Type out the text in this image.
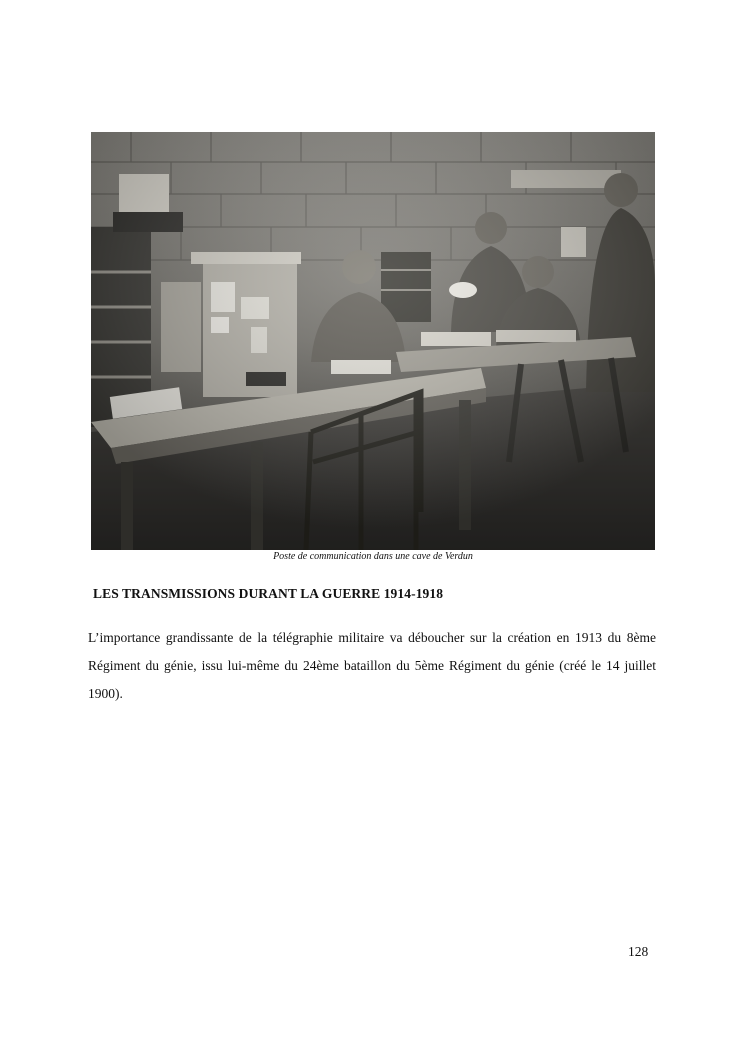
Poste de communication dans une cave de Verdun
LES TRANSMISSIONS DURANT LA GUERRE 1914-1918

L’importance grandissante de la télégraphie militaire va déboucher sur la création en 1913 du 8ème Régiment du génie, issu lui-même du 24ème bataillon du 5ème Régiment du génie (créé le 14 juillet 1900).

128
